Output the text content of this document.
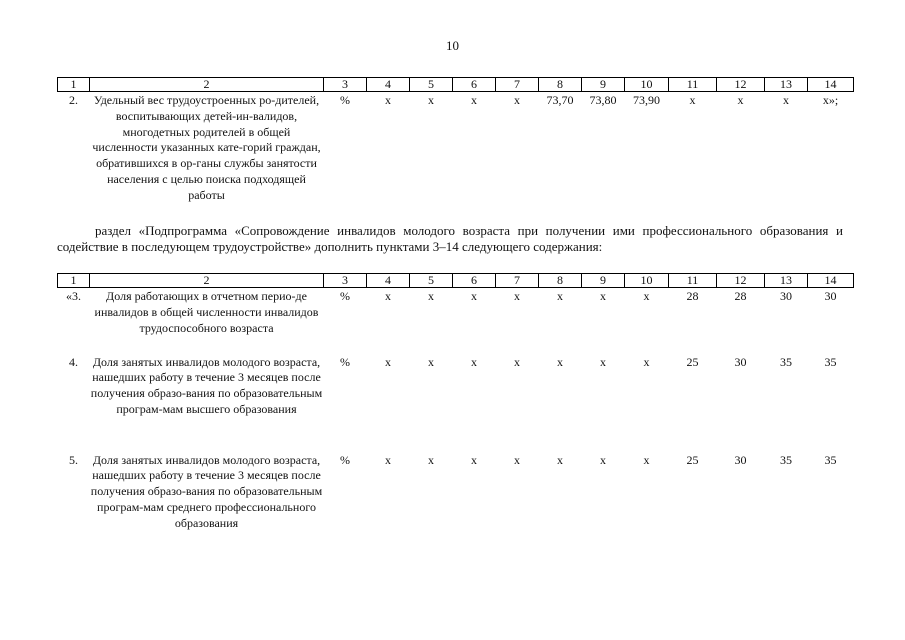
10
1	2	3	4	5	6	7	8	9	10	11	12	13	14
2.	Удельный вес трудоустроенных ро-дителей, воспитывающих детей-ин-валидов, многодетных родителей в общей численности указанных кате-горий граждан, обратившихся в ор-ганы службы занятости населения с целью поиска подходящей работы	%	х	х	х	х	73,70	73,80	73,90	х	х	х	х»;
раздел «Подпрограмма «Сопровождение инвалидов молодого возраста при получении ими профессионального образования и содействие в последующем трудоустройстве» дополнить пунктами 3–14 следующего содержания:
1	2	3	4	5	6	7	8	9	10	11	12	13	14
«3.	Доля работающих в отчетном перио-де инвалидов в общей численности инвалидов трудоспособного возраста	%	х	х	х	х	х	х	х	28	28	30	30
4.	Доля занятых инвалидов молодого возраста, нашедших работу в течение 3 месяцев после получения образо-вания по образовательным програм-мам высшего образования	%	х	х	х	х	х	х	х	25	30	35	35
5.	Доля занятых инвалидов молодого возраста, нашедших работу в течение 3 месяцев после получения образо-вания по образовательным програм-мам среднего профессионального образования	%	х	х	х	х	х	х	х	25	30	35	35
